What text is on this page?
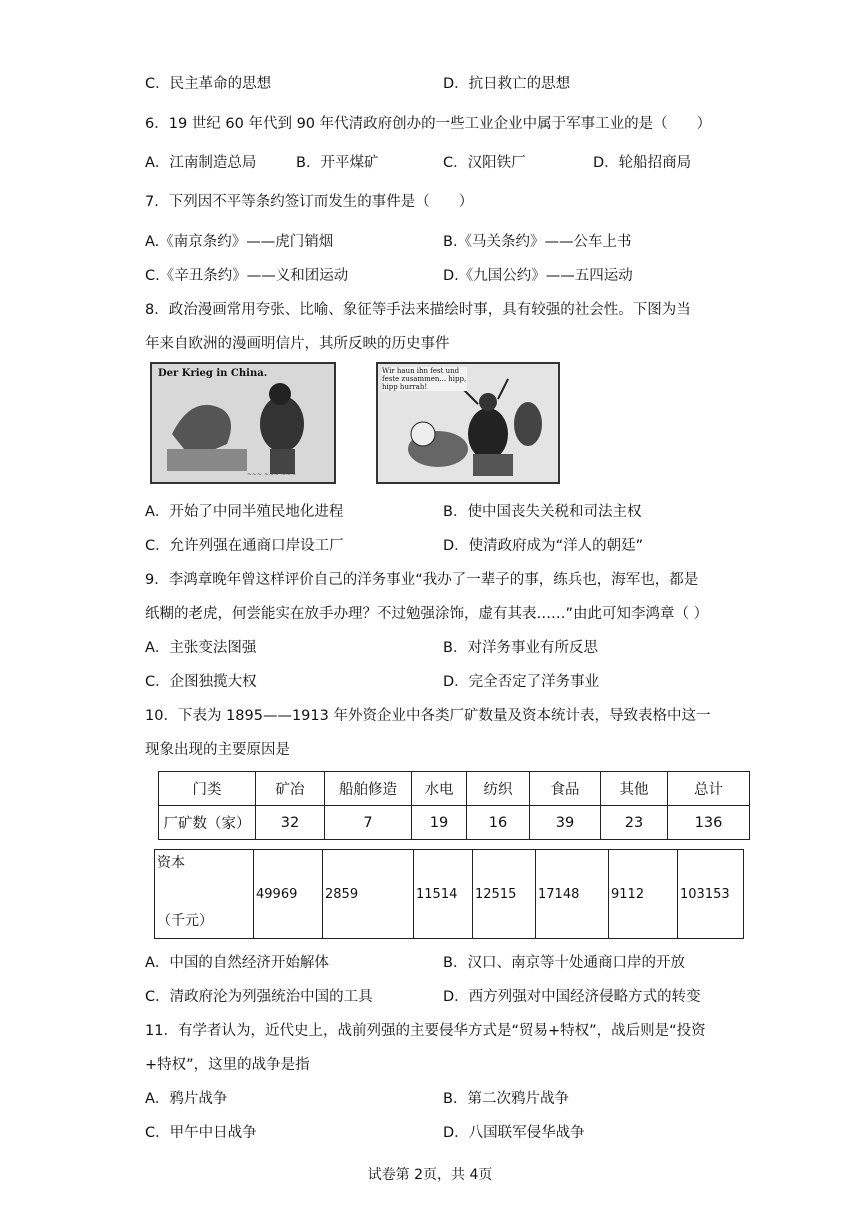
C．民主革命的思想	D．抗日救亡的思想
6．19 世纪 60 年代到 90 年代清政府创办的一些工业企业中属于军事工业的是（　　）
A．江南制造总局	B．开平煤矿	C．汉阳铁厂	D．轮船招商局
7．下列因不平等条约签订而发生的事件是（　　）
A.《南京条约》——虎门销烟	B.《马关条约》——公车上书
C.《辛丑条约》——义和团运动	D.《九国公约》——五四运动
8．政治漫画常用夸张、比喻、象征等手法来描绘时事，具有较强的社会性。下图为当
年来自欧洲的漫画明信片，其所反映的历史事件
Der Krieg in China.
~~~ ~~~ ~~~
Wir haun ihn fest und feste zusammen... hipp, hipp hurrah!
A．开始了中同半殖民地化进程	B．使中国丧失关税和司法主权
C．允许列强在通商口岸设工厂	D．使清政府成为“洋人的朝廷”
9．李鸿章晚年曾这样评价自己的洋务事业“我办了一辈子的事，练兵也，海军也，都是
纸糊的老虎，何尝能实在放手办理？不过勉强涂饰，虚有其表……”由此可知李鸿章（ ）
A．主张变法图强	B．对洋务事业有所反思
C．企图独揽大权	D．完全否定了洋务事业
10．下表为 1895——1913 年外资企业中各类厂矿数量及资本统计表，导致表格中这一
现象出现的主要原因是
门类	矿冶	船舶修造	水电	纺织	食品	其他	总计
厂矿数（家）	32	7	19	16	39	23	136
资本
（千元）
	49969	2859	11514	12515	17148	9112	103153
A．中国的自然经济开始解体	B．汉口、南京等十处通商口岸的开放
C．清政府沦为列强统治中国的工具	D．西方列强对中国经济侵略方式的转变
11．有学者认为，近代史上，战前列强的主要侵华方式是“贸易+特权”，战后则是“投资
+特权”，这里的战争是指
A．鸦片战争	B．第二次鸦片战争
C．甲午中日战争	D．八国联军侵华战争
试卷第 2页，共 4页
